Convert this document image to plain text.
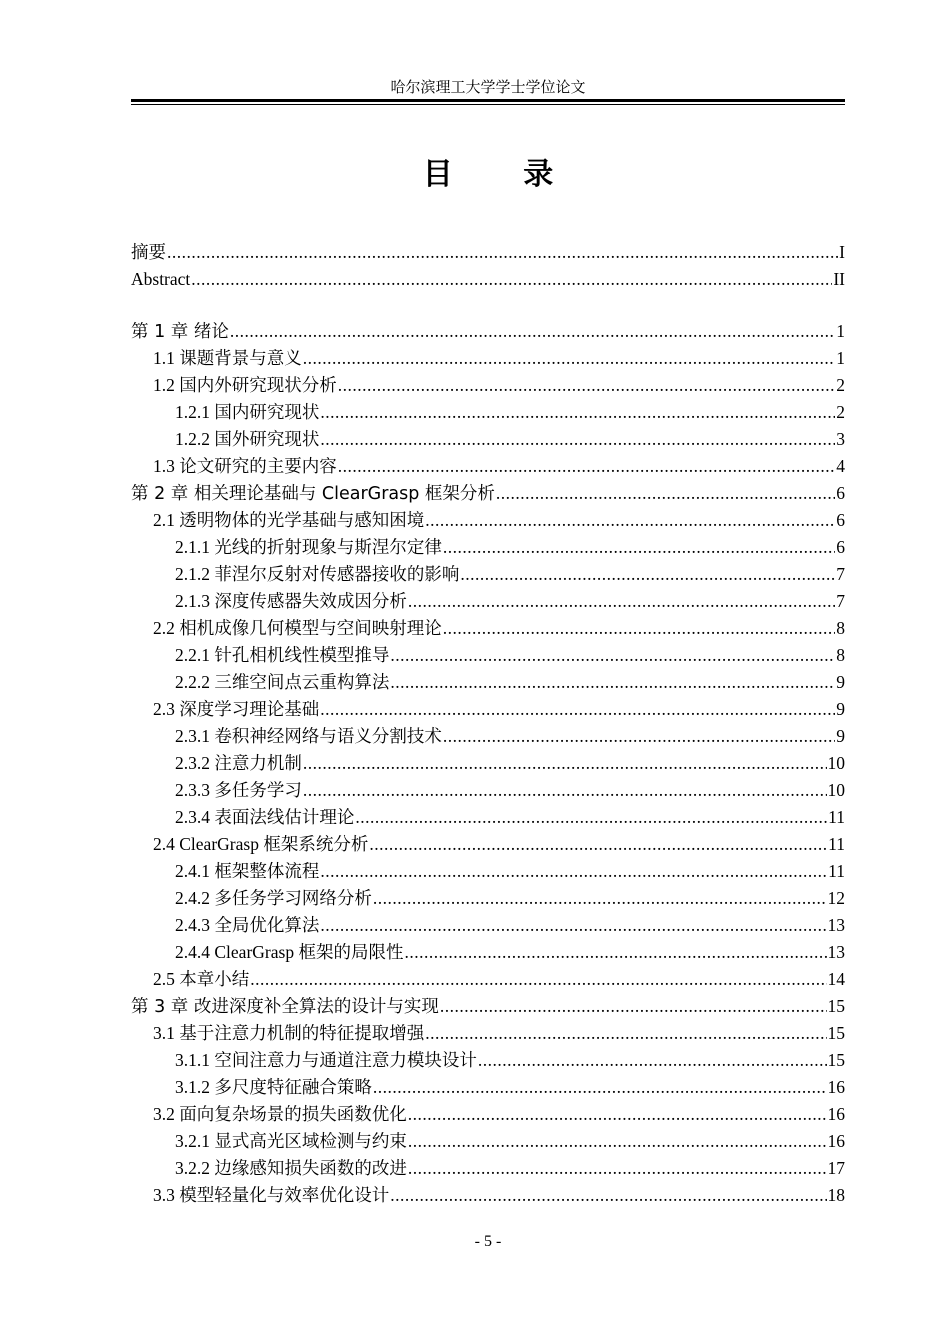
哈尔滨理工大学学士学位论文
目 录
摘要 .....	I
Abstract .....	II
第 1 章 绪论 .....	1
1.1 课题背景与意义 .....	1
1.2 国内外研究现状分析 .....	2
1.2.1 国内研究现状 .....	2
1.2.2 国外研究现状 .....	3
1.3 论文研究的主要内容 .....	4
第 2 章 相关理论基础与 ClearGrasp 框架分析 .....	6
2.1 透明物体的光学基础与感知困境 .....	6
2.1.1 光线的折射现象与斯涅尔定律 .....	6
2.1.2 菲涅尔反射对传感器接收的影响 .....	7
2.1.3 深度传感器失效成因分析 .....	7
2.2 相机成像几何模型与空间映射理论 .....	8
2.2.1 针孔相机线性模型推导 .....	8
2.2.2 三维空间点云重构算法 .....	9
2.3 深度学习理论基础 .....	9
2.3.1 卷积神经网络与语义分割技术 .....	9
2.3.2 注意力机制 .....	10
2.3.3 多任务学习 .....	10
2.3.4 表面法线估计理论 .....	11
2.4 ClearGrasp 框架系统分析 .....	11
2.4.1 框架整体流程 .....	11
2.4.2 多任务学习网络分析 .....	12
2.4.3 全局优化算法 .....	13
2.4.4 ClearGrasp 框架的局限性 .....	13
2.5 本章小结 .....	14
第 3 章 改进深度补全算法的设计与实现 .....	15
3.1 基于注意力机制的特征提取增强 .....	15
3.1.1 空间注意力与通道注意力模块设计 .....	15
3.1.2 多尺度特征融合策略 .....	16
3.2 面向复杂场景的损失函数优化 .....	16
3.2.1 显式高光区域检测与约束 .....	16
3.2.2 边缘感知损失函数的改进 .....	17
3.3 模型轻量化与效率优化设计 .....	18
- 5 -
